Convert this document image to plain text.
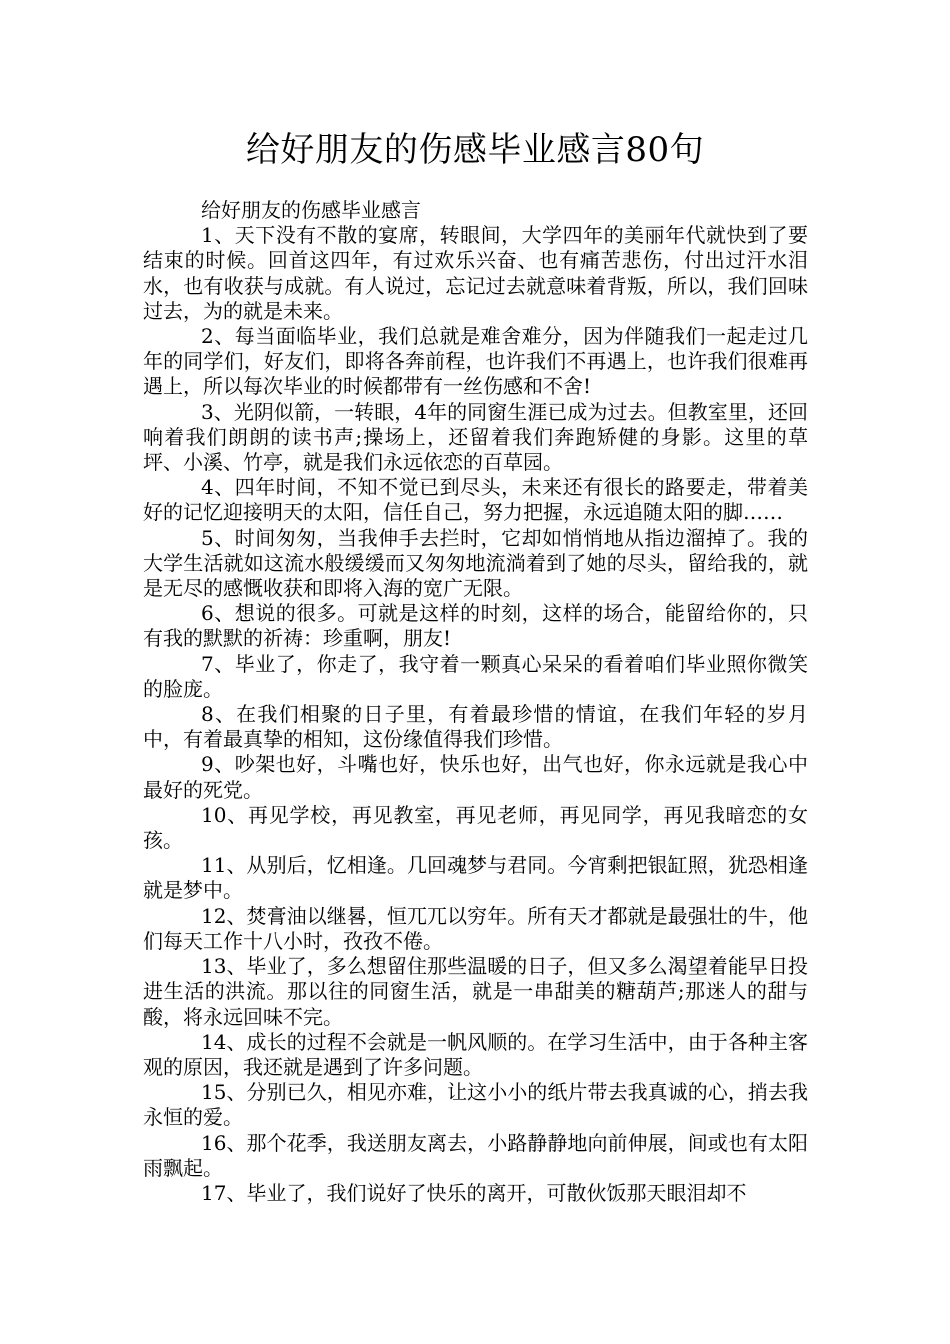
给好朋友的伤感毕业感言80句

给好朋友的伤感毕业感言

1、天下没有不散的宴席，转眼间，大学四年的美丽年代就快到了要结束的时候。回首这四年，有过欢乐兴奋、也有痛苦悲伤，付出过汗水泪水，也有收获与成就。有人说过，忘记过去就意味着背叛，所以，我们回味过去，为的就是未来。

2、每当面临毕业，我们总就是难舍难分，因为伴随我们一起走过几年的同学们，好友们，即将各奔前程，也许我们不再遇上，也许我们很难再遇上，所以每次毕业的时候都带有一丝伤感和不舍!

3、光阴似箭，一转眼，4年的同窗生涯已成为过去。但教室里，还回响着我们朗朗的读书声;操场上，还留着我们奔跑矫健的身影。这里的草坪、小溪、竹亭，就是我们永远依恋的百草园。

4、四年时间，不知不觉已到尽头，未来还有很长的路要走，带着美好的记忆迎接明天的太阳，信任自己，努力把握，永远追随太阳的脚……

5、时间匆匆，当我伸手去拦时，它却如悄悄地从指边溜掉了。我的大学生活就如这流水般缓缓而又匆匆地流淌着到了她的尽头，留给我的，就是无尽的感慨收获和即将入海的宽广无限。

6、想说的很多。可就是这样的时刻，这样的场合，能留给你的，只有我的默默的祈祷：珍重啊，朋友!

7、毕业了，你走了，我守着一颗真心呆呆的看着咱们毕业照你微笑的脸庞。

8、在我们相聚的日子里，有着最珍惜的情谊，在我们年轻的岁月中，有着最真挚的相知，这份缘值得我们珍惜。

9、吵架也好，斗嘴也好，快乐也好，出气也好，你永远就是我心中最好的死党。

10、再见学校，再见教室，再见老师，再见同学，再见我暗恋的女孩。

11、从别后，忆相逢。几回魂梦与君同。今宵剩把银缸照，犹恐相逢就是梦中。

12、焚膏油以继晷，恒兀兀以穷年。所有天才都就是最强壮的牛，他们每天工作十八小时，孜孜不倦。

13、毕业了，多么想留住那些温暖的日子，但又多么渴望着能早日投进生活的洪流。那以往的同窗生活，就是一串甜美的糖葫芦;那迷人的甜与酸，将永远回味不完。

14、成长的过程不会就是一帆风顺的。在学习生活中，由于各种主客观的原因，我还就是遇到了许多问题。

15、分别已久，相见亦难，让这小小的纸片带去我真诚的心，捎去我永恒的爱。

16、那个花季，我送朋友离去，小路静静地向前伸展，间或也有太阳雨飘起。

17、毕业了，我们说好了快乐的离开，可散伙饭那天眼泪却不
